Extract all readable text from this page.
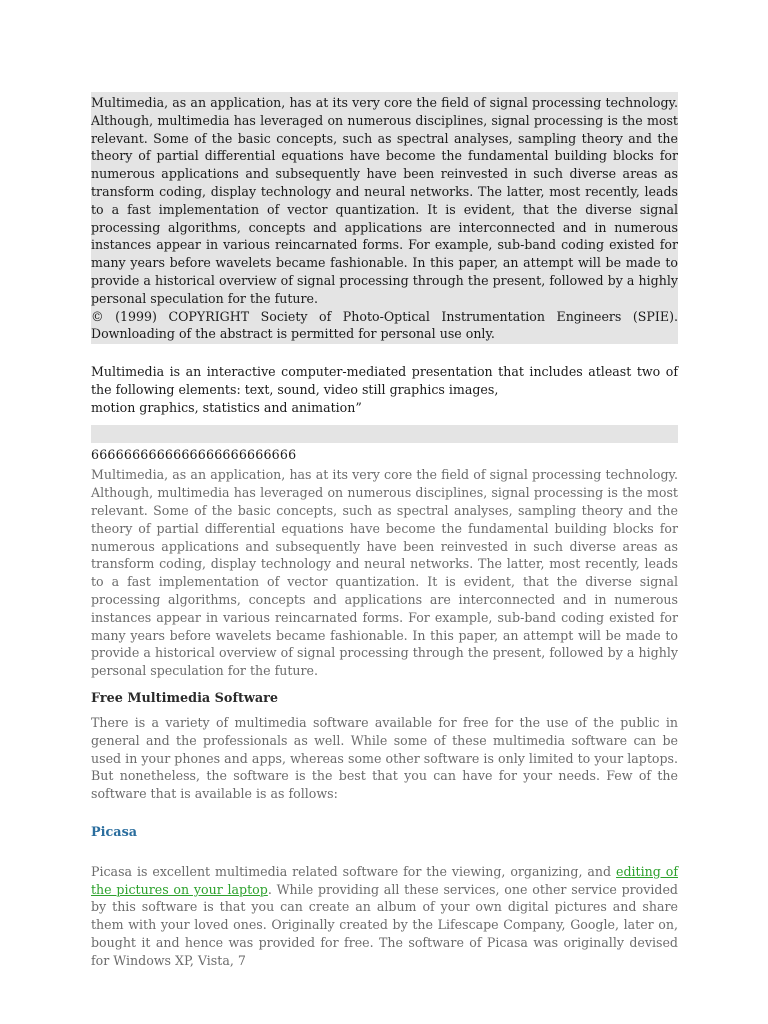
Multimedia, as an application, has at its very core the field of signal processing technology. Although, multimedia has leveraged on numerous disciplines, signal processing is the most relevant. Some of the basic concepts, such as spectral analyses, sampling theory and the theory of partial differential equations have become the fundamental building blocks for numerous applications and subsequently have been reinvested in such diverse areas as transform coding, display technology and neural networks. The latter, most recently, leads to a fast implementation of vector quantization. It is evident, that the diverse signal processing algorithms, concepts and applications are interconnected and in numerous instances appear in various reincarnated forms. For example, sub-band coding existed for many years before wavelets became fashionable. In this paper, an attempt will be made to provide a historical overview of signal processing through the present, followed by a highly personal speculation for the future.

© (1999) COPYRIGHT Society of Photo-Optical Instrumentation Engineers (SPIE). Downloading of the abstract is permitted for personal use only.

Multimedia is an interactive computer-mediated presentation that includes atleast two of the following elements: text, sound, video still graphics images,
motion graphics, statistics and animation”
6666666666666666666666666

Multimedia, as an application, has at its very core the field of signal processing technology. Although, multimedia has leveraged on numerous disciplines, signal processing is the most relevant. Some of the basic concepts, such as spectral analyses, sampling theory and the theory of partial differential equations have become the fundamental building blocks for numerous applications and subsequently have been reinvested in such diverse areas as transform coding, display technology and neural networks. The latter, most recently, leads to a fast implementation of vector quantization. It is evident, that the diverse signal processing algorithms, concepts and applications are interconnected and in numerous instances appear in various reincarnated forms. For example, sub-band coding existed for many years before wavelets became fashionable. In this paper, an attempt will be made to provide a historical overview of signal processing through the present, followed by a highly personal speculation for the future.

Free Multimedia Software

There is a variety of multimedia software available for free for the use of the public in general and the professionals as well. While some of these multimedia software can be used in your phones and apps, whereas some other software is only limited to your laptops. But nonetheless, the software is the best that you can have for your needs. Few of the software that is available is as follows:

Picasa

Picasa is excellent multimedia related software for the viewing, organizing, and editing of the pictures on your laptop. While providing all these services, one other service provided by this software is that you can create an album of your own digital pictures and share them with your loved ones. Originally created by the Lifescape Company, Google, later on, bought it and hence was provided for free. The software of Picasa was originally devised for Windows XP, Vista, 7
